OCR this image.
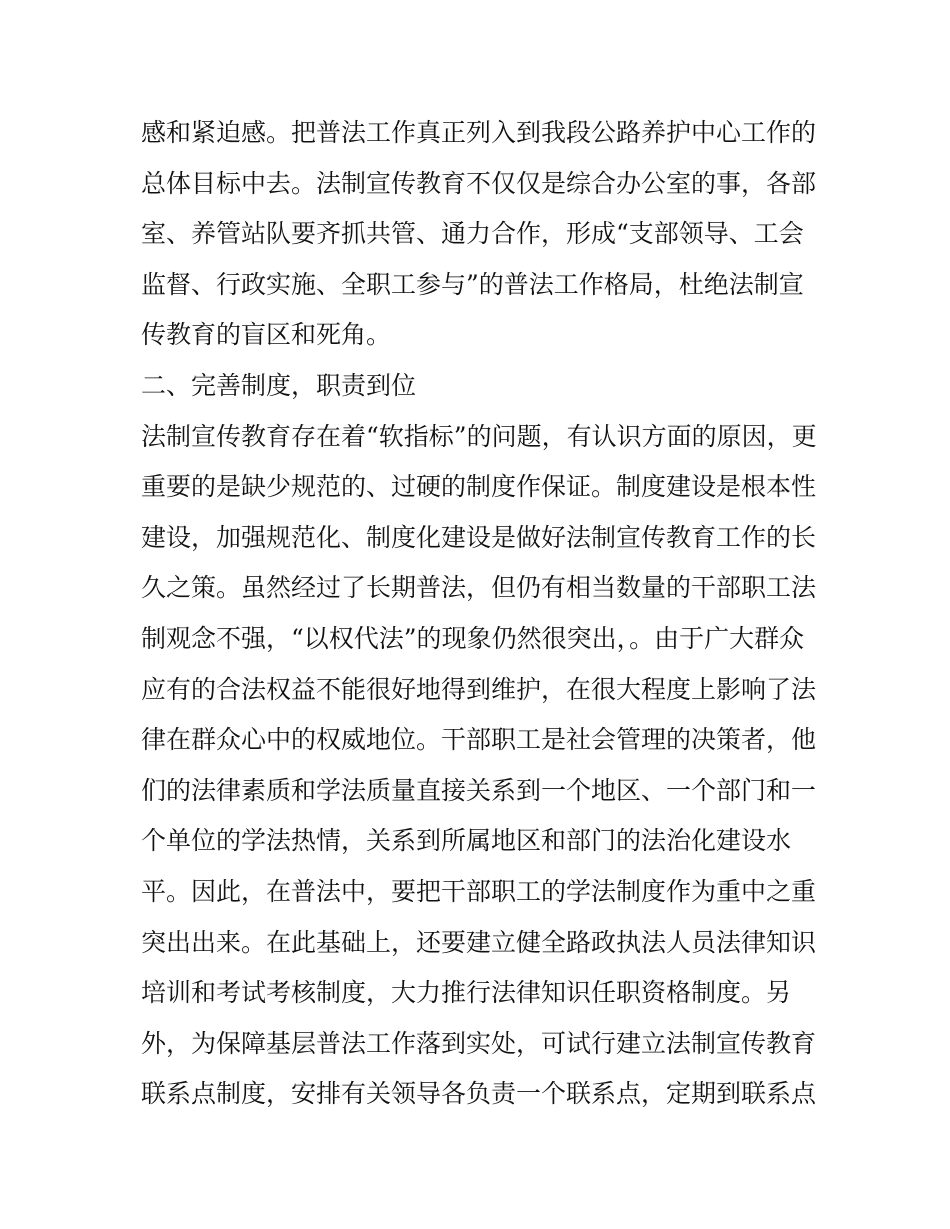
感和紧迫感。把普法工作真正列入到我段公路养护中心工作的
总体目标中去。法制宣传教育不仅仅是综合办公室的事，各部
室、养管站队要齐抓共管、通力合作，形成“支部领导、工会
监督、行政实施、全职工参与”的普法工作格局，杜绝法制宣
传教育的盲区和死角。
二、完善制度，职责到位
法制宣传教育存在着“软指标”的问题，有认识方面的原因，更
重要的是缺少规范的、过硬的制度作保证。制度建设是根本性
建设，加强规范化、制度化建设是做好法制宣传教育工作的长
久之策。虽然经过了长期普法，但仍有相当数量的干部职工法
制观念不强，“以权代法”的现象仍然很突出，。由于广大群众
应有的合法权益不能很好地得到维护，在很大程度上影响了法
律在群众心中的权威地位。干部职工是社会管理的决策者，他
们的法律素质和学法质量直接关系到一个地区、一个部门和一
个单位的学法热情，关系到所属地区和部门的法治化建设水
平。因此，在普法中，要把干部职工的学法制度作为重中之重
突出出来。在此基础上，还要建立健全路政执法人员法律知识
培训和考试考核制度，大力推行法律知识任职资格制度。另
外，为保障基层普法工作落到实处，可试行建立法制宣传教育
联系点制度，安排有关领导各负责一个联系点，定期到联系点
